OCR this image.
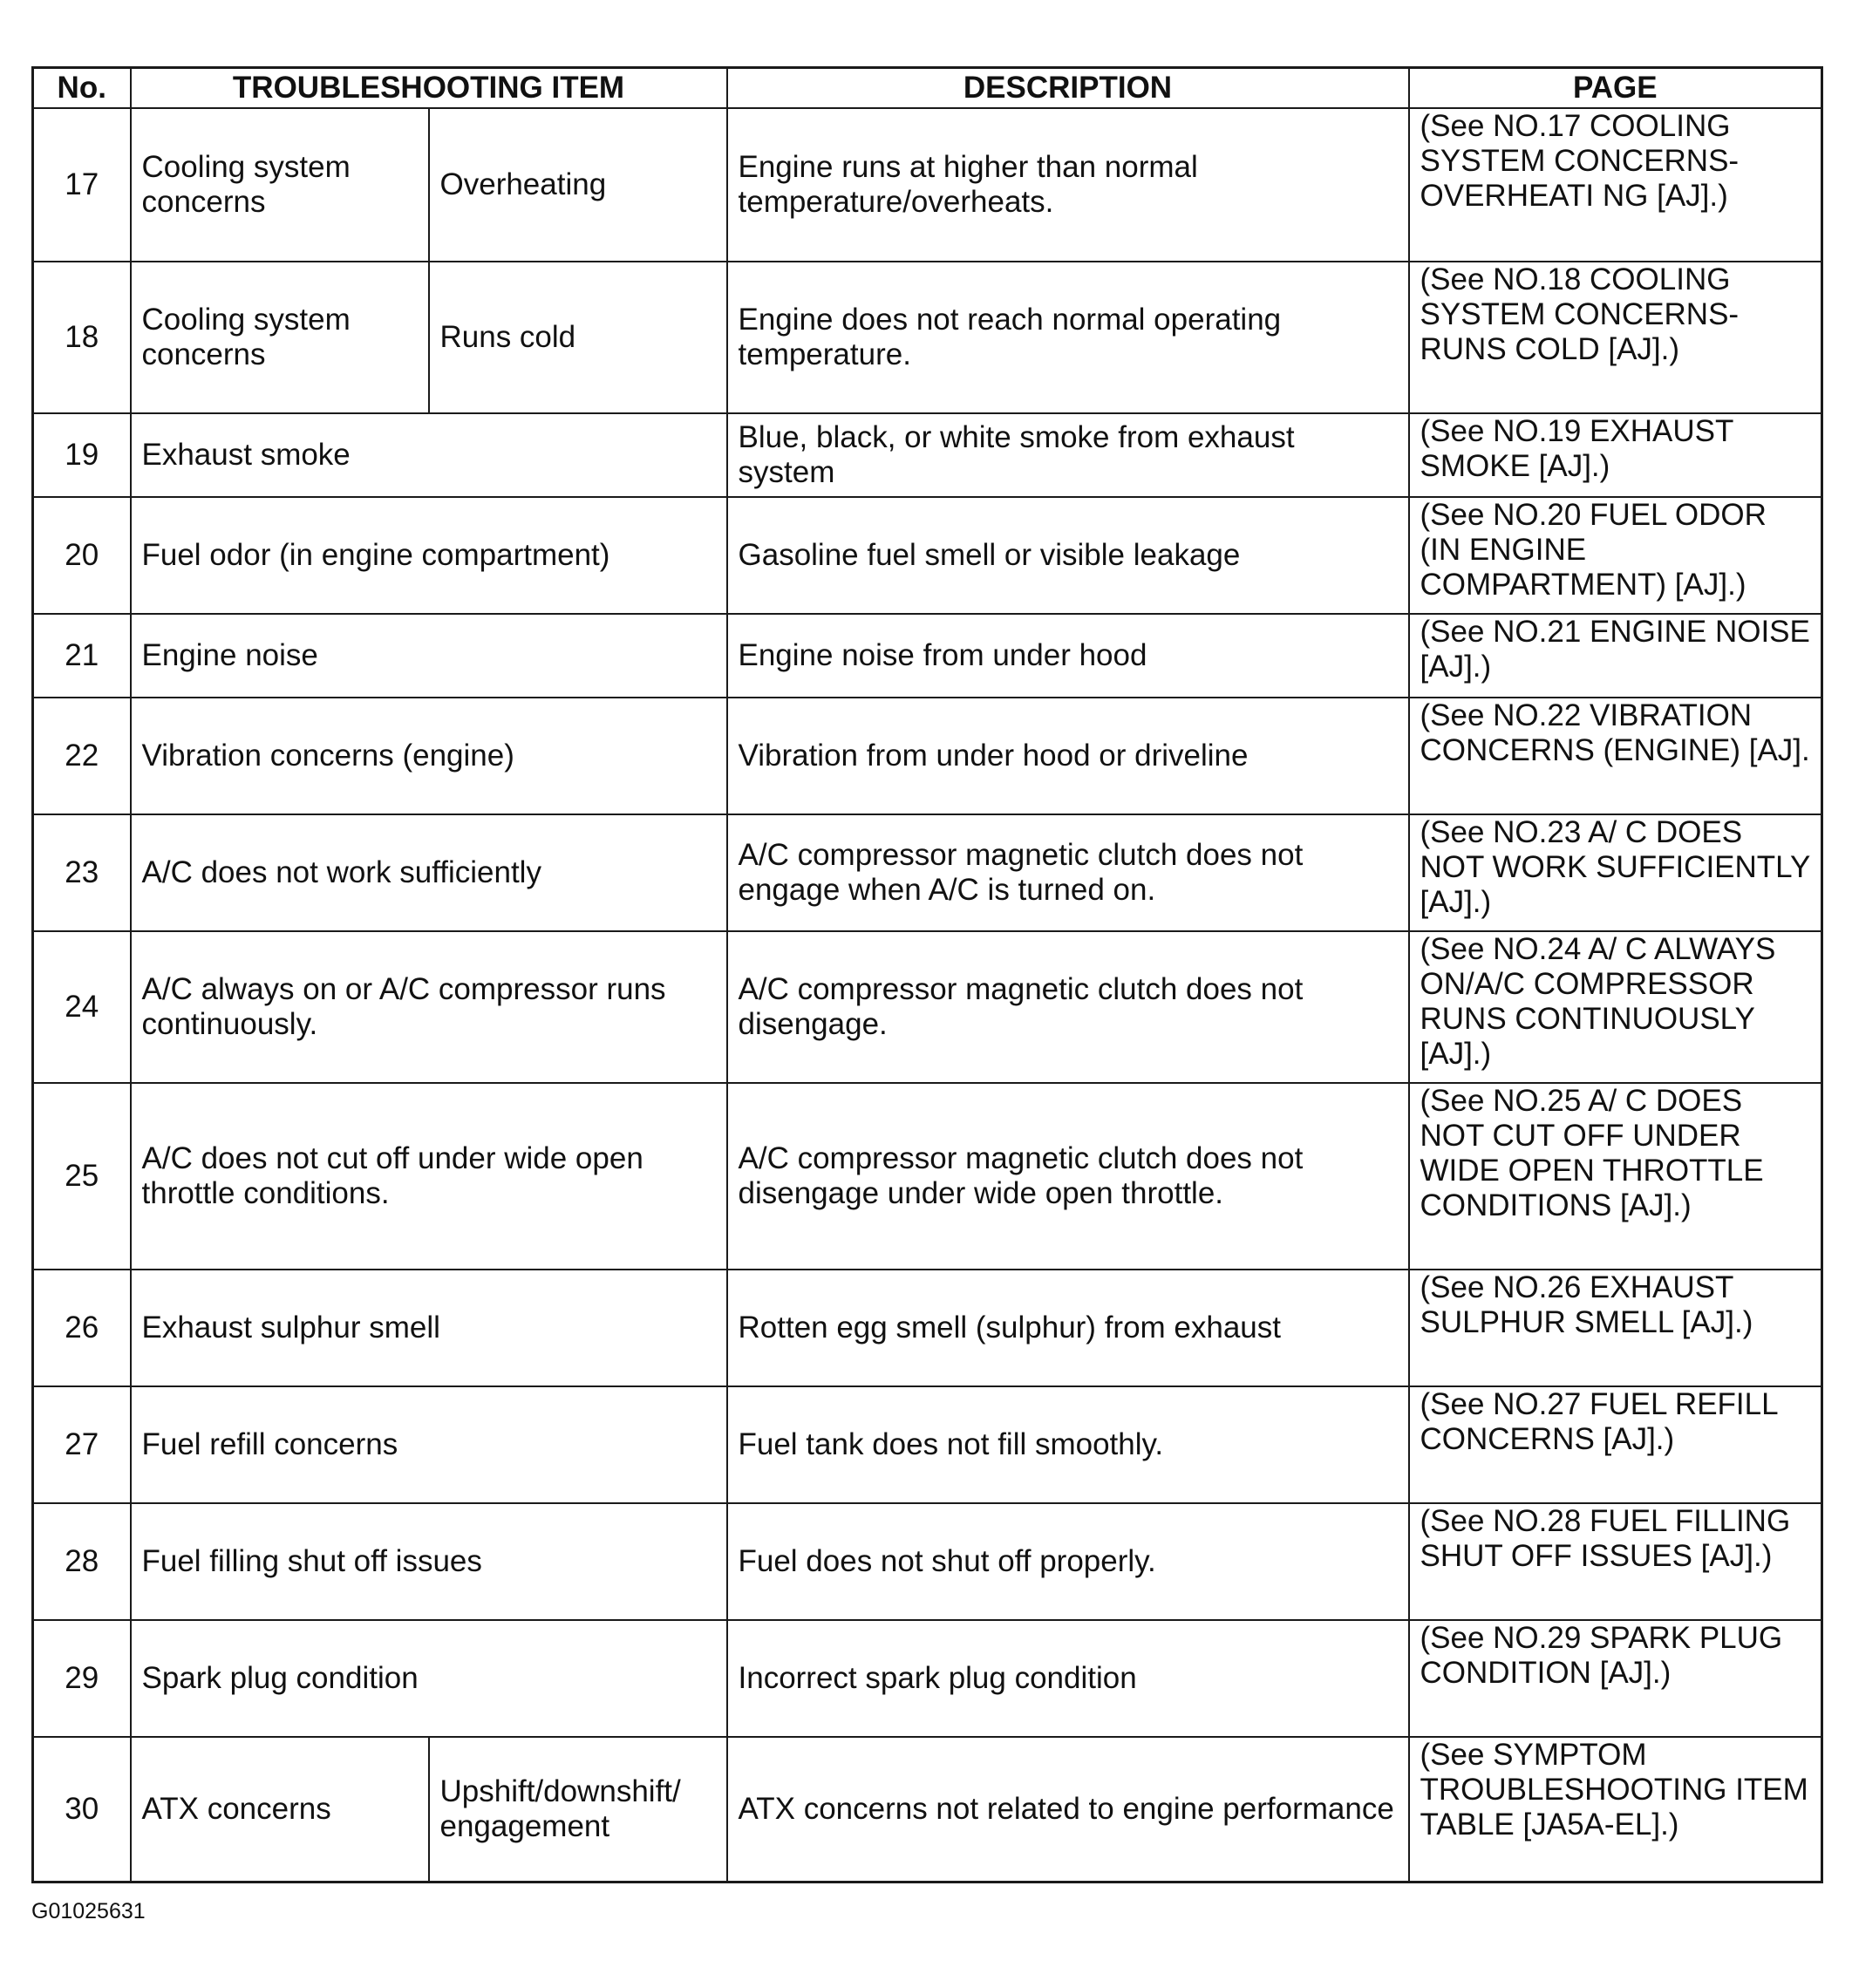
No.	TROUBLESHOOTING ITEM		DESCRIPTION	PAGE
17	Cooling system concerns	Overheating	Engine runs at higher than normal temperature/overheats.	(See NO.17 COOLING SYSTEM CONCERNS-OVERHEATI NG [AJ].)
18	Cooling system concerns	Runs cold	Engine does not reach normal operating temperature.	(See NO.18 COOLING SYSTEM CONCERNS-RUNS COLD [AJ].)
19	Exhaust smoke		Blue, black, or white smoke from exhaust system	(See NO.19 EXHAUST SMOKE [AJ].)
20	Fuel odor (in engine compartment)		Gasoline fuel smell or visible leakage	(See NO.20 FUEL ODOR (IN ENGINE COMPARTMENT) [AJ].)
21	Engine noise		Engine noise from under hood	(See NO.21 ENGINE NOISE [AJ].)
22	Vibration concerns (engine)		Vibration from under hood or driveline	(See NO.22 VIBRATION CONCERNS (ENGINE) [AJ].
23	A/C does not work sufficiently		A/C compressor magnetic clutch does not engage when A/C is turned on.	(See NO.23 A/ C DOES NOT WORK SUFFICIENTLY [AJ].)
24	A/C always on or A/C compressor runs continuously.		A/C compressor magnetic clutch does not disengage.	(See NO.24 A/ C ALWAYS ON/A/C COMPRESSOR RUNS CONTINUOUSLY [AJ].)
25	A/C does not cut off under wide open throttle conditions.		A/C compressor magnetic clutch does not disengage under wide open throttle.	(See NO.25 A/ C DOES NOT CUT OFF UNDER WIDE OPEN THROTTLE CONDITIONS [AJ].)
26	Exhaust sulphur smell		Rotten egg smell (sulphur) from exhaust	(See NO.26 EXHAUST SULPHUR SMELL [AJ].)
27	Fuel refill concerns		Fuel tank does not fill smoothly.	(See NO.27 FUEL REFILL CONCERNS [AJ].)
28	Fuel filling shut off issues		Fuel does not shut off properly.	(See NO.28 FUEL FILLING SHUT OFF ISSUES [AJ].)
29	Spark plug condition		Incorrect spark plug condition	(See NO.29 SPARK PLUG CONDITION [AJ].)
30	ATX concerns	Upshift/downshift/ engagement	ATX concerns not related to engine performance	(See SYMPTOM TROUBLESHOOTING ITEM TABLE [JA5A-EL].)
G01025631
